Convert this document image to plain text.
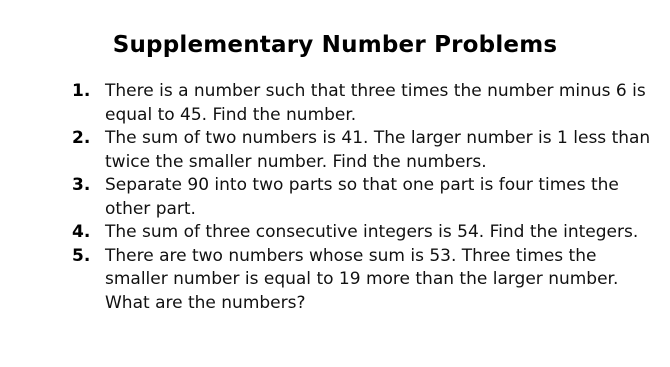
Supplementary Number Problems
1. There is a number such that three times the number minus 6 is equal to 45. Find the number.
2. The sum of two numbers is 41. The larger number is 1 less than twice the smaller number. Find the numbers.
3. Separate 90 into two parts so that one part is four times the other part.
4. The sum of three consecutive integers is 54. Find the integers.
5. There are two numbers whose sum is 53. Three times the smaller number is equal to 19 more than the larger number. What are the numbers?
